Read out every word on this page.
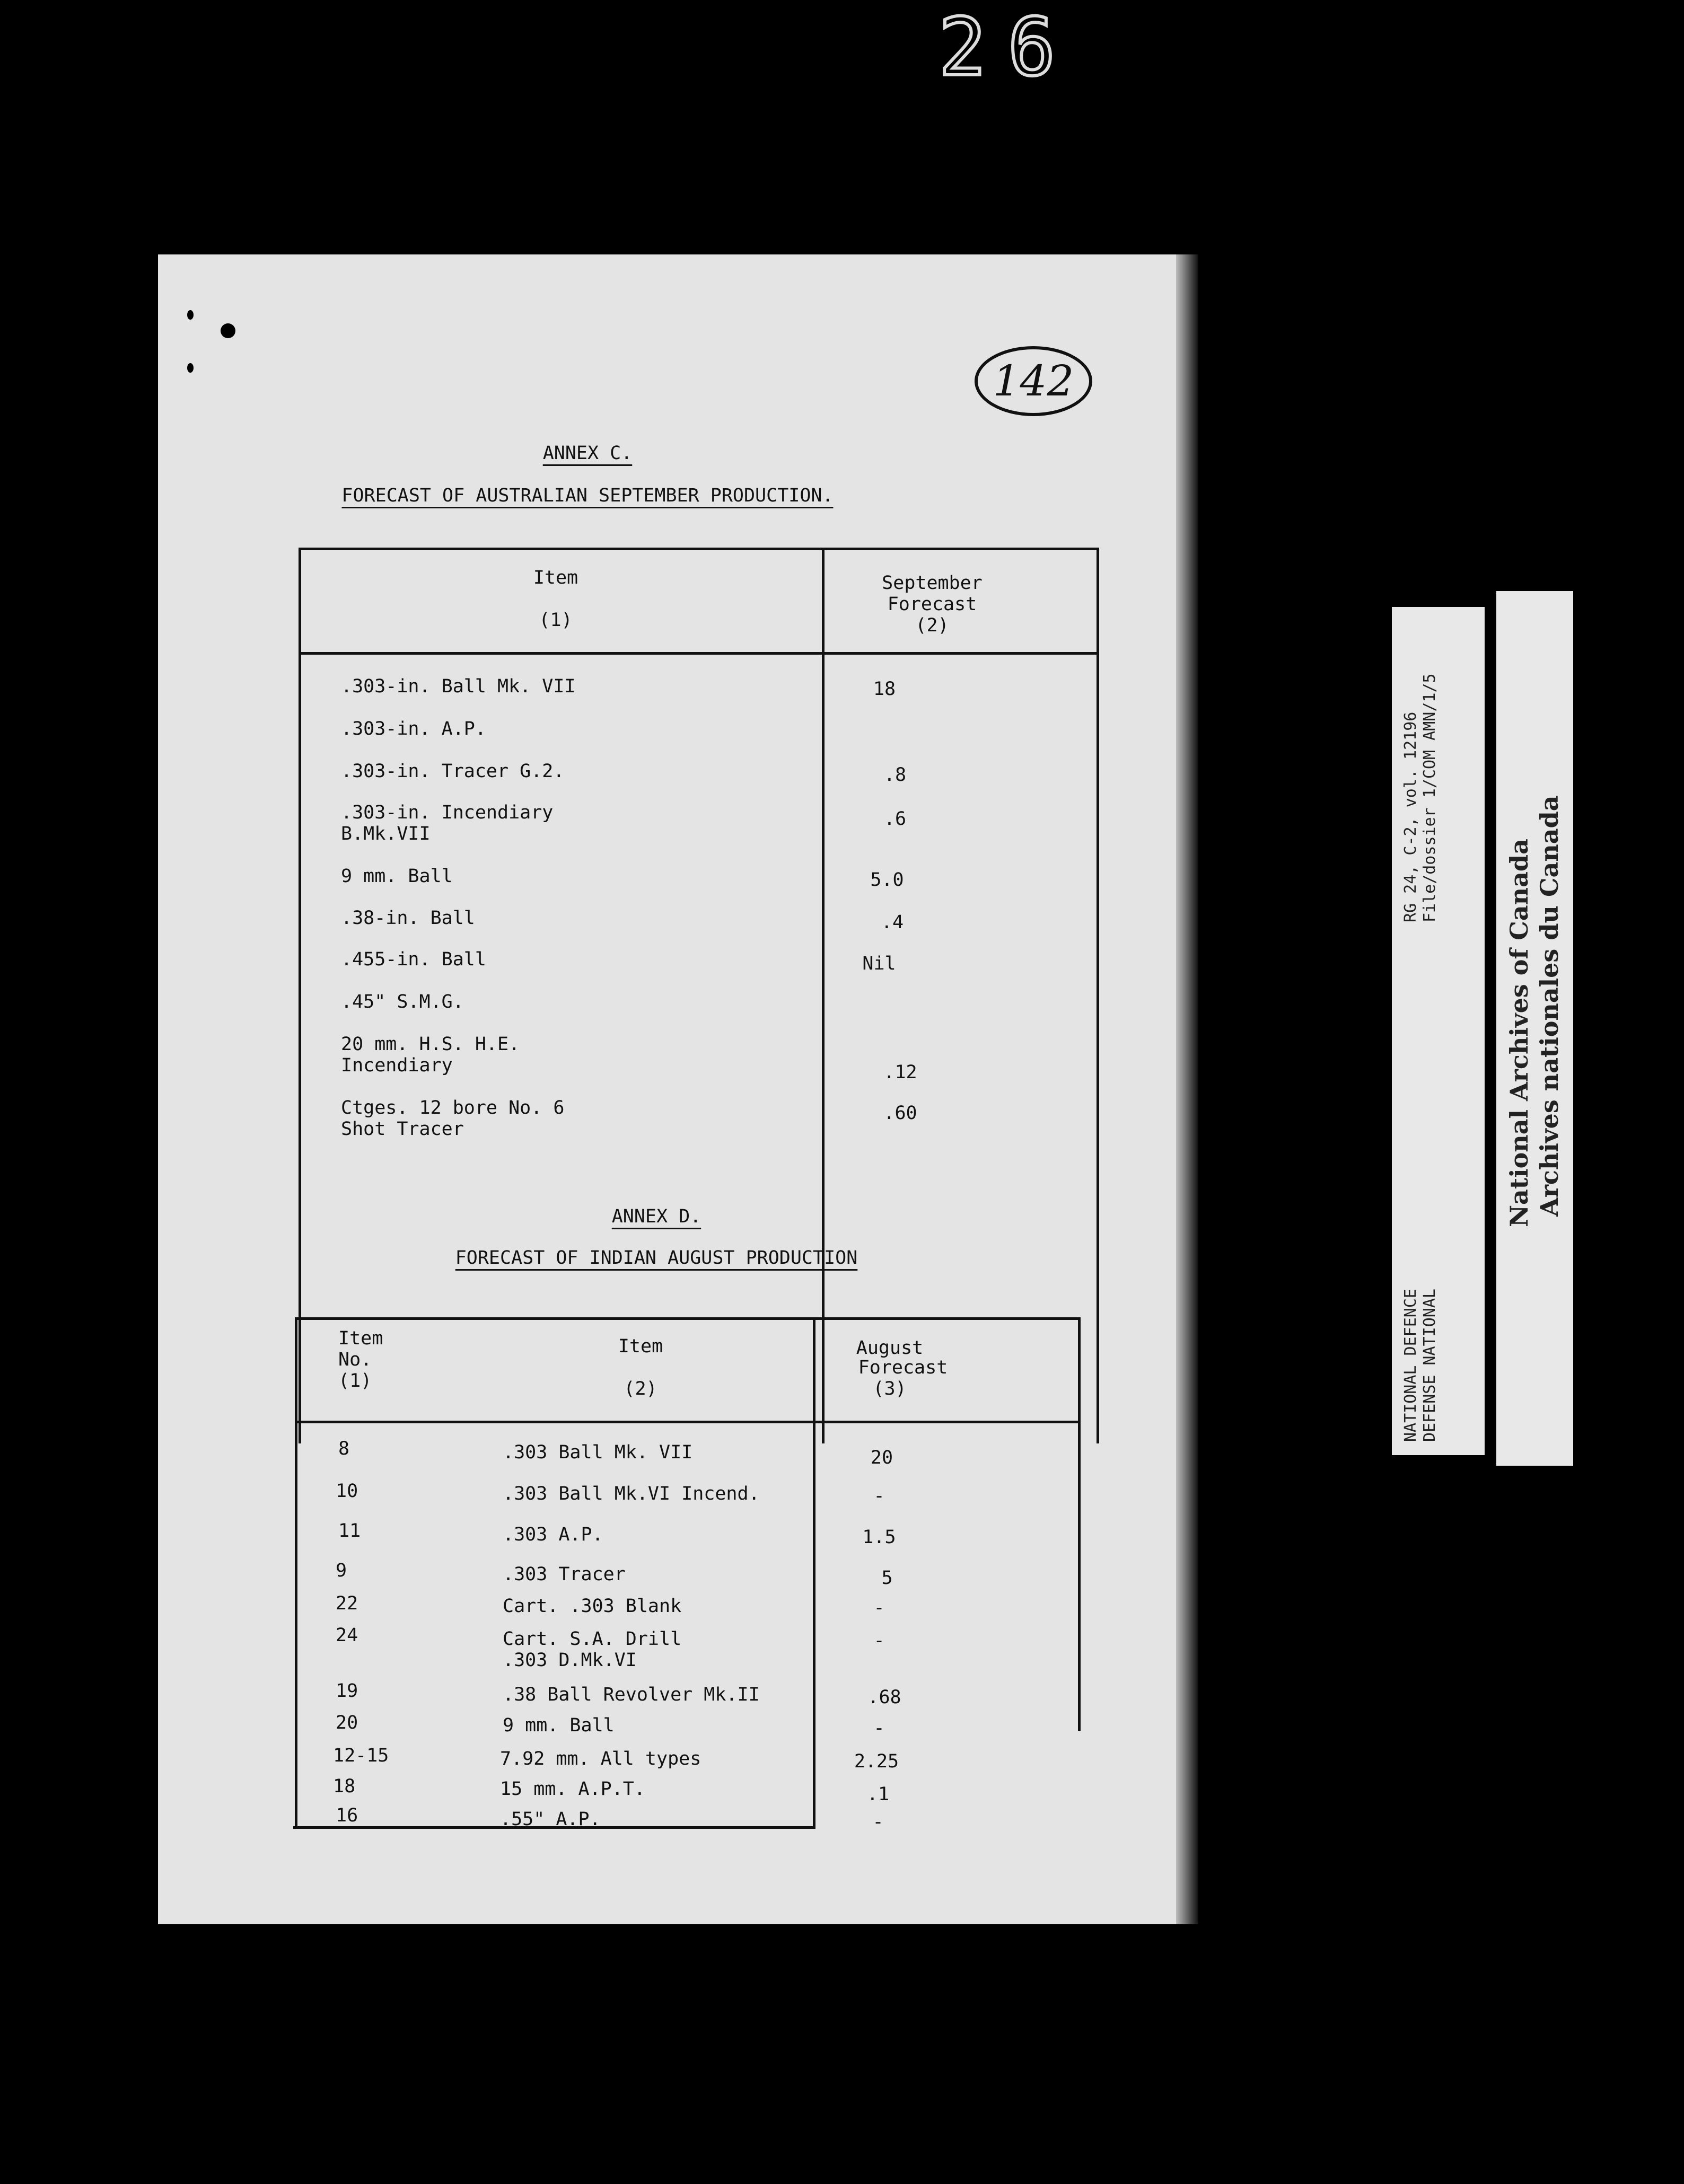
26
142
ANNEX C.
FORECAST OF AUSTRALIAN SEPTEMBER PRODUCTION.
Item
(1)
September
Forecast
(2)
.303-in. Ball Mk. VII	18
.303-in. A.P.
.303-in. Tracer G.2.	.8
.303-in. Incendiary
B.Mk.VII
.6
9 mm. Ball	5.0
.38-in. Ball	.4
.455-in. Ball	Nil
.45" S.M.G.
20 mm. H.S. H.E.
Incendiary	.12
Ctges. 12 bore No. 6
Shot Tracer
.60
ANNEX D.
FORECAST OF INDIAN AUGUST PRODUCTION
Item
No.
(1)
Item
(2)
August
Forecast
(3)
8	.303 Ball Mk. VII	20
10	.303 Ball Mk.VI Incend.	-
11	.303 A.P.	1.5
9	.303 Tracer	5
22	Cart. .303 Blank	-
24	Cart. S.A. Drill
.303 D.Mk.VI
-
19	.38 Ball Revolver Mk.II	.68
20	9 mm. Ball	-
12-15	7.92 mm. All types	2.25
18	15 mm. A.P.T.	.1
16	.55" A.P.	-
RG 24, C-2, vol. 12196 File/dossier 1/COM AMN/1/5
NATIONAL DEFENCE DEFENSE NATIONAL
National Archives of Canada Archives nationales du Canada
